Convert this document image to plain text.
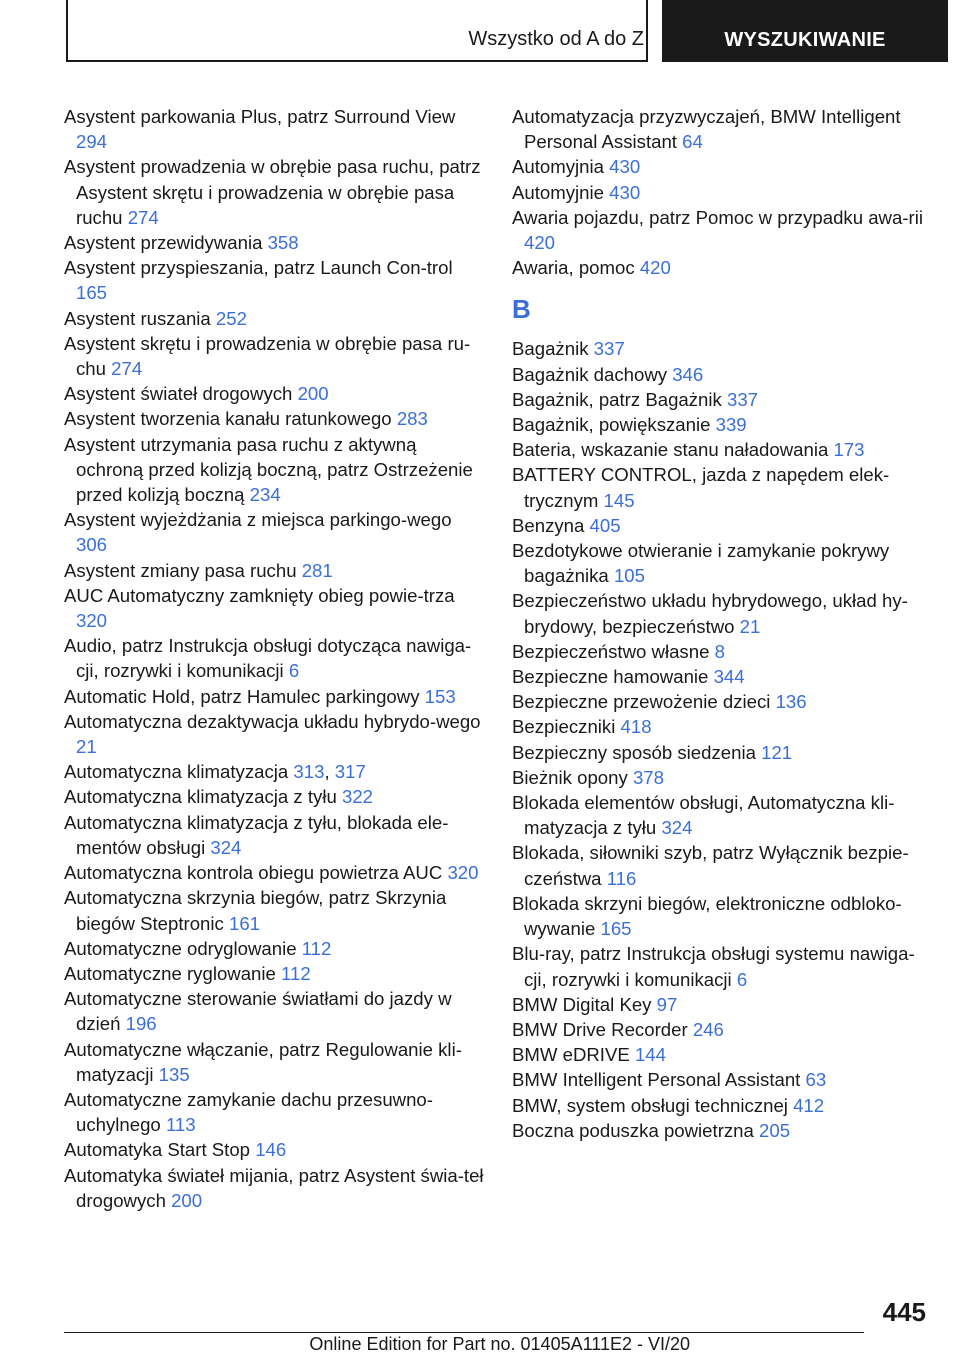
Wszystko od A do Z	WYSZUKIWANIE
Asystent parkowania Plus, patrz Surround View 294
Asystent prowadzenia w obrębie pasa ruchu, patrz Asystent skrętu i prowadzenia w obrębie pasa ruchu 274
Asystent przewidywania 358
Asystent przyspieszania, patrz Launch Con-trol 165
Asystent ruszania 252
Asystent skrętu i prowadzenia w obrębie pasa ru-chu 274
Asystent świateł drogowych 200
Asystent tworzenia kanału ratunkowego 283
Asystent utrzymania pasa ruchu z aktywną ochroną przed kolizją boczną, patrz Ostrzeżenie przed kolizją boczną 234
Asystent wyjeżdżania z miejsca parkingo-wego 306
Asystent zmiany pasa ruchu 281
AUC Automatyczny zamknięty obieg powie-trza 320
Audio, patrz Instrukcja obsługi dotycząca nawiga-cji, rozrywki i komunikacji 6
Automatic Hold, patrz Hamulec parkingowy 153
Automatyczna dezaktywacja układu hybrydo-wego 21
Automatyczna klimatyzacja 313, 317
Automatyczna klimatyzacja z tyłu 322
Automatyczna klimatyzacja z tyłu, blokada ele-mentów obsługi 324
Automatyczna kontrola obiegu powietrza AUC 320
Automatyczna skrzynia biegów, patrz Skrzynia biegów Steptronic 161
Automatyczne odryglowanie 112
Automatyczne ryglowanie 112
Automatyczne sterowanie światłami do jazdy w dzień 196
Automatyczne włączanie, patrz Regulowanie kli-matyzacji 135
Automatyczne zamykanie dachu przesuwno-uchylnego 113
Automatyka Start Stop 146
Automatyka świateł mijania, patrz Asystent świa-teł drogowych 200
Automatyzacja przyzwyczajeń, BMW Intelligent Personal Assistant 64
Automyjnia 430
Automyjnie 430
Awaria pojazdu, patrz Pomoc w przypadku awa-rii 420
Awaria, pomoc 420
B
Bagażnik 337
Bagażnik dachowy 346
Bagażnik, patrz Bagażnik 337
Bagażnik, powiększanie 339
Bateria, wskazanie stanu naładowania 173
BATTERY CONTROL, jazda z napędem elek-trycznym 145
Benzyna 405
Bezdotykowe otwieranie i zamykanie pokrywy bagażnika 105
Bezpieczeństwo układu hybrydowego, układ hy-brydowy, bezpieczeństwo 21
Bezpieczeństwo własne 8
Bezpieczne hamowanie 344
Bezpieczne przewożenie dzieci 136
Bezpieczniki 418
Bezpieczny sposób siedzenia 121
Bieżnik opony 378
Blokada elementów obsługi, Automatyczna kli-matyzacja z tyłu 324
Blokada, siłowniki szyb, patrz Wyłącznik bezpie-czeństwa 116
Blokada skrzyni biegów, elektroniczne odbloko-wywanie 165
Blu-ray, patrz Instrukcja obsługi systemu nawiga-cji, rozrywki i komunikacji 6
BMW Digital Key 97
BMW Drive Recorder 246
BMW eDRIVE 144
BMW Intelligent Personal Assistant 63
BMW, system obsługi technicznej 412
Boczna poduszka powietrzna 205
445
Online Edition for Part no. 01405A111E2 - VI/20
